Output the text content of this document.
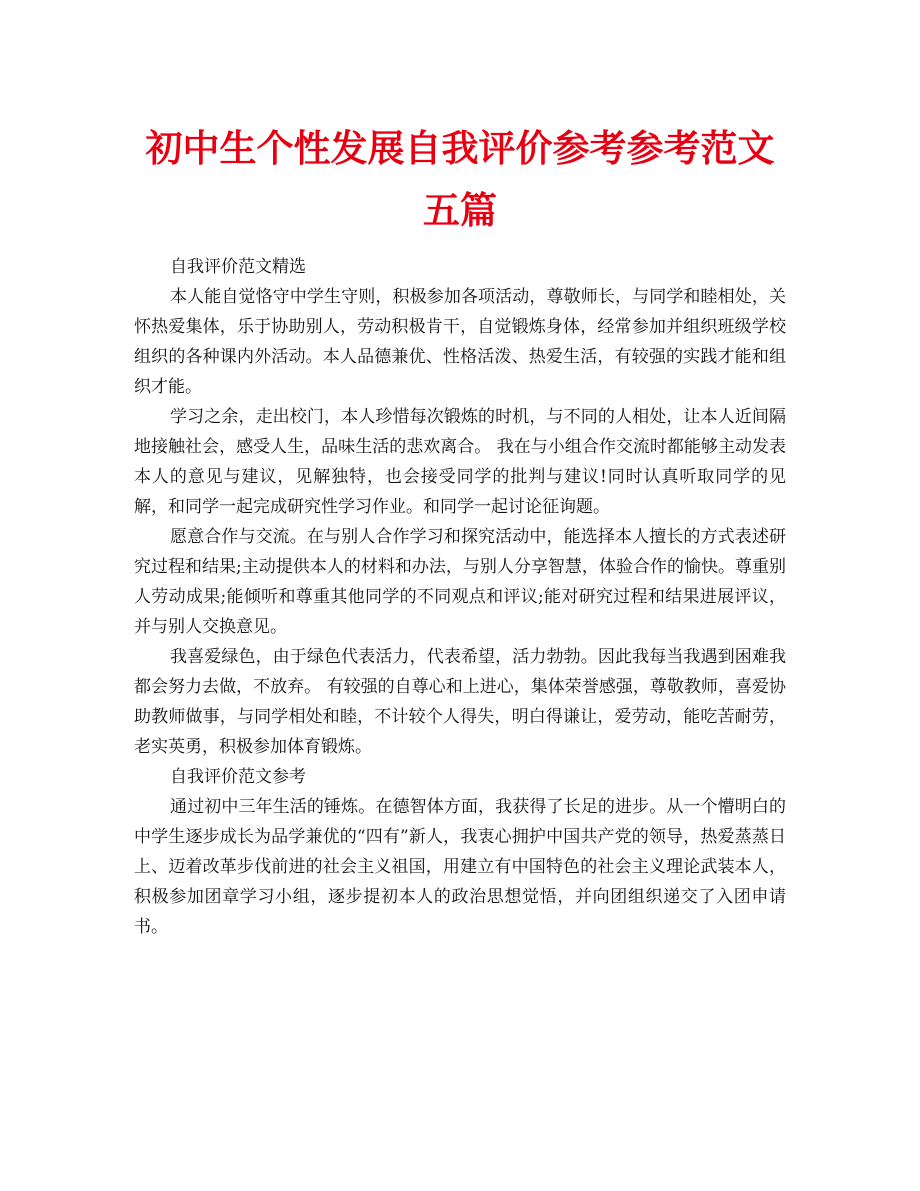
初中生个性发展自我评价参考参考范文五篇

自我评价范文精选

本人能自觉恪守中学生守则，积极参加各项活动，尊敬师长，与同学和睦相处，关怀热爱集体，乐于协助别人，劳动积极肯干，自觉锻炼身体，经常参加并组织班级学校组织的各种课内外活动。本人品德兼优、性格活泼、热爱生活，有较强的实践才能和组织才能。

学习之余，走出校门，本人珍惜每次锻炼的时机，与不同的人相处，让本人近间隔地接触社会，感受人生，品味生活的悲欢离合。 我在与小组合作交流时都能够主动发表本人的意见与建议，见解独特，也会接受同学的批判与建议!同时认真听取同学的见解，和同学一起完成研究性学习作业。和同学一起讨论征询题。

愿意合作与交流。在与别人合作学习和探究活动中，能选择本人擅长的方式表述研究过程和结果;主动提供本人的材料和办法，与别人分享智慧，体验合作的愉快。尊重别人劳动成果;能倾听和尊重其他同学的不同观点和评议;能对研究过程和结果进展评议，并与别人交换意见。

我喜爱绿色，由于绿色代表活力，代表希望，活力勃勃。因此我每当我遇到困难我都会努力去做，不放弃。 有较强的自尊心和上进心，集体荣誉感强，尊敬教师，喜爱协助教师做事，与同学相处和睦，不计较个人得失，明白得谦让，爱劳动，能吃苦耐劳，老实英勇，积极参加体育锻炼。

自我评价范文参考

通过初中三年生活的锤炼。在德智体方面，我获得了长足的进步。从一个懵明白的中学生逐步成长为品学兼优的“四有”新人，我衷心拥护中国共产党的领导，热爱蒸蒸日上、迈着改革步伐前进的社会主义祖国，用建立有中国特色的社会主义理论武装本人，积极参加团章学习小组，逐步提初本人的政治思想觉悟，并向团组织递交了入团申请书。
